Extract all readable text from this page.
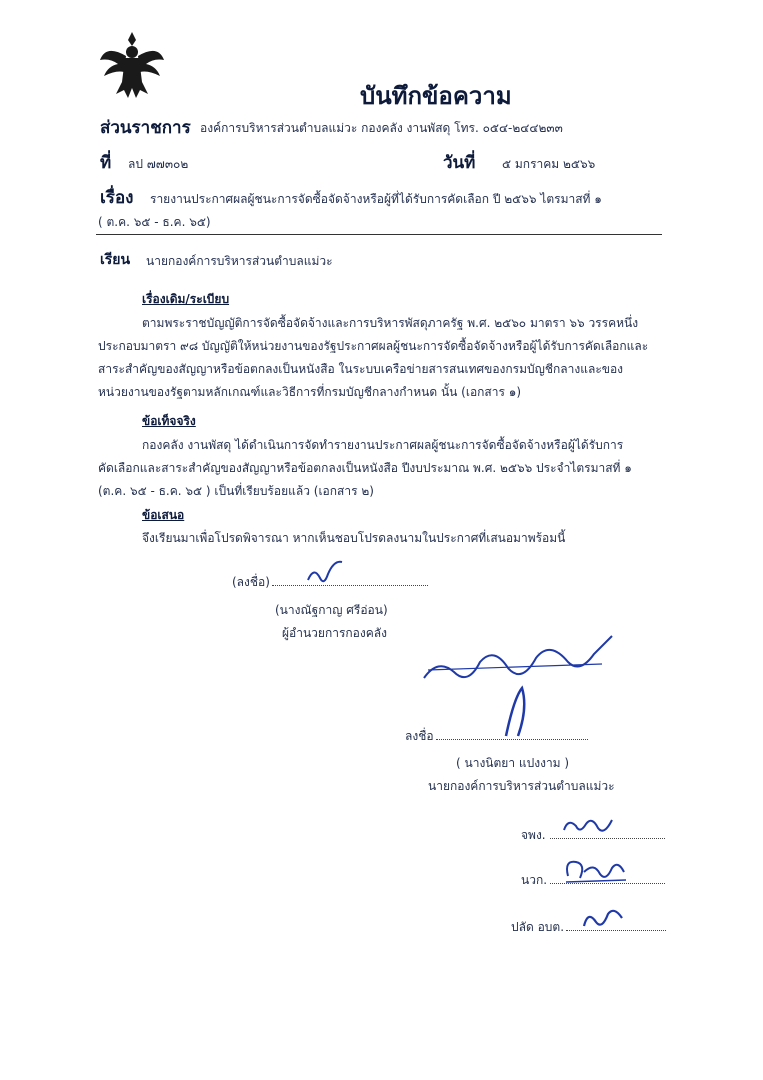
บันทึกข้อความ
ส่วนราชการ องค์การบริหารส่วนตำบลแม่วะ กองคลัง งานพัสดุ โทร. ๐๕๔-๒๔๔๒๓๓
ที่ ลป ๗๗๓๐๒	วันที่ ๕ มกราคม ๒๕๖๖
เรื่อง รายงานประกาศผลผู้ชนะการจัดซื้อจัดจ้างหรือผู้ที่ได้รับการคัดเลือก ปี ๒๕๖๖ ไตรมาสที่ ๑
( ต.ค. ๖๕ - ธ.ค. ๖๕)
เรียน นายกองค์การบริหารส่วนตำบลแม่วะ
เรื่องเดิม/ระเบียบ
ตามพระราชบัญญัติการจัดซื้อจัดจ้างและการบริหารพัสดุภาครัฐ พ.ศ. ๒๕๖๐ มาตรา ๖๖ วรรคหนึ่ง
ประกอบมาตรา ๙๘ บัญญัติให้หน่วยงานของรัฐประกาศผลผู้ชนะการจัดซื้อจัดจ้างหรือผู้ได้รับการคัดเลือกและ
สาระสำคัญของสัญญาหรือข้อตกลงเป็นหนังสือ ในระบบเครือข่ายสารสนเทศของกรมบัญชีกลางและของ
หน่วยงานของรัฐตามหลักเกณฑ์และวิธีการที่กรมบัญชีกลางกำหนด นั้น (เอกสาร ๑)
ข้อเท็จจริง
กองคลัง งานพัสดุ ได้ดำเนินการจัดทำรายงานประกาศผลผู้ชนะการจัดซื้อจัดจ้างหรือผู้ได้รับการ
คัดเลือกและสาระสำคัญของสัญญาหรือข้อตกลงเป็นหนังสือ ปีงบประมาณ พ.ศ. ๒๕๖๖ ประจำไตรมาสที่ ๑
(ต.ค. ๖๕ - ธ.ค. ๖๕ ) เป็นที่เรียบร้อยแล้ว (เอกสาร ๒)
ข้อเสนอ
จึงเรียนมาเพื่อโปรดพิจารณา หากเห็นชอบโปรดลงนามในประกาศที่เสนอมาพร้อมนี้
(ลงชื่อ)
(นางณัฐกาญ ศรีอ่อน)
ผู้อำนวยการกองคลัง
ลงชื่อ
( นางนิตยา แปงงาม )
นายกองค์การบริหารส่วนตำบลแม่วะ
จพง.
นวก.
ปลัด อบต.
